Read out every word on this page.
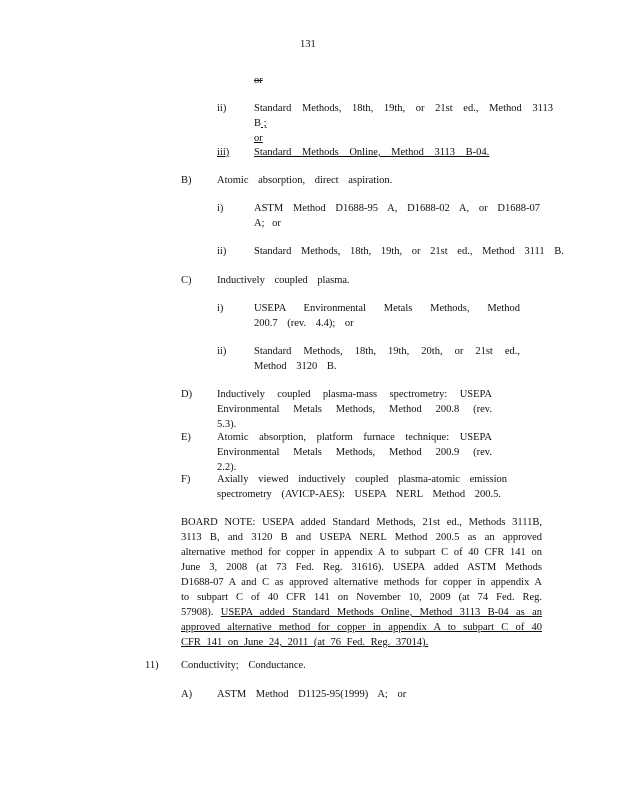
131
or
ii)	Standard Methods, 18th, 19th, or 21st ed., Method 3113 B ;
or
iii) Standard Methods Online, Method 3113 B-04.
B) Atomic absorption, direct aspiration.
i)	ASTM Method D1688-95 A, D1688-02 A, or D1688-07 A; or
ii)	Standard Methods, 18th, 19th, or 21st ed., Method 3111 B.
C) Inductively coupled plasma.
i)	USEPA Environmental Metals Methods, Method 200.7 (rev. 4.4); or
ii)	Standard Methods, 18th, 19th, 20th, or 21st ed., Method 3120 B.
D) Inductively coupled plasma-mass spectrometry: USEPA Environmental Metals Methods, Method 200.8 (rev. 5.3).
E) Atomic absorption, platform furnace technique: USEPA Environmental Metals Methods, Method 200.9 (rev. 2.2).
F)	Axially viewed inductively coupled plasma-atomic emission spectrometry (AVICP-AES): USEPA NERL Method 200.5.
BOARD NOTE: USEPA added Standard Methods, 21st ed., Methods 3111B, 3113 B, and 3120 B and USEPA NERL Method 200.5 as an approved alternative method for copper in appendix A to subpart C of 40 CFR 141 on June 3, 2008 (at 73 Fed. Reg. 31616). USEPA added ASTM Methods D1688-07 A and C as approved alternative methods for copper in appendix A to subpart C of 40 CFR 141 on November 10, 2009 (at 74 Fed. Reg. 57908). USEPA added Standard Methods Online, Method 3113 B-04 as an approved alternative method for copper in appendix A to subpart C of 40 CFR 141 on June 24, 2011 (at 76 Fed. Reg. 37014).
11) Conductivity; Conductance.
A) ASTM Method D1125-95(1999) A; or
